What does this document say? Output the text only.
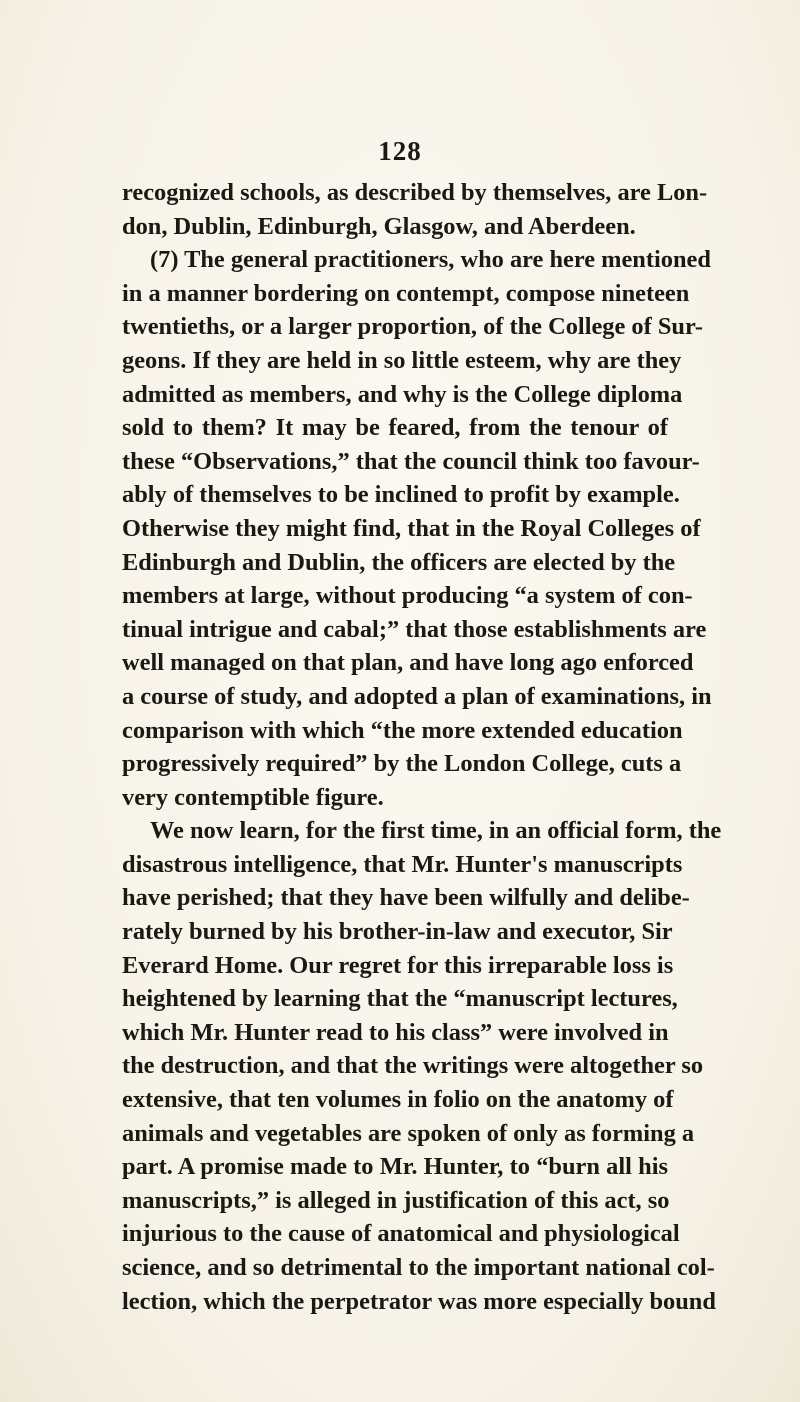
128
recognized schools, as described by themselves, are Lon-
don, Dublin, Edinburgh, Glasgow, and Aberdeen.
(7) The general practitioners, who are here mentioned
in a manner bordering on contempt, compose nineteen
twentieths, or a larger proportion, of the College of Sur-
geons. If they are held in so little esteem, why are they
admitted as members, and why is the College diploma
sold to them? It may be feared, from the tenour of
these “Observations,” that the council think too favour-
ably of themselves to be inclined to profit by example.
Otherwise they might find, that in the Royal Colleges of
Edinburgh and Dublin, the officers are elected by the
members at large, without producing “a system of con-
tinual intrigue and cabal;” that those establishments are
well managed on that plan, and have long ago enforced
a course of study, and adopted a plan of examinations, in
comparison with which “the more extended education
progressively required” by the London College, cuts a
very contemptible figure.
We now learn, for the first time, in an official form, the
disastrous intelligence, that Mr. Hunter's manuscripts
have perished; that they have been wilfully and delibe-
rately burned by his brother-in-law and executor, Sir
Everard Home. Our regret for this irreparable loss is
heightened by learning that the “manuscript lectures,
which Mr. Hunter read to his class” were involved in
the destruction, and that the writings were altogether so
extensive, that ten volumes in folio on the anatomy of
animals and vegetables are spoken of only as forming a
part. A promise made to Mr. Hunter, to “burn all his
manuscripts,” is alleged in justification of this act, so
injurious to the cause of anatomical and physiological
science, and so detrimental to the important national col-
lection, which the perpetrator was more especially bound
